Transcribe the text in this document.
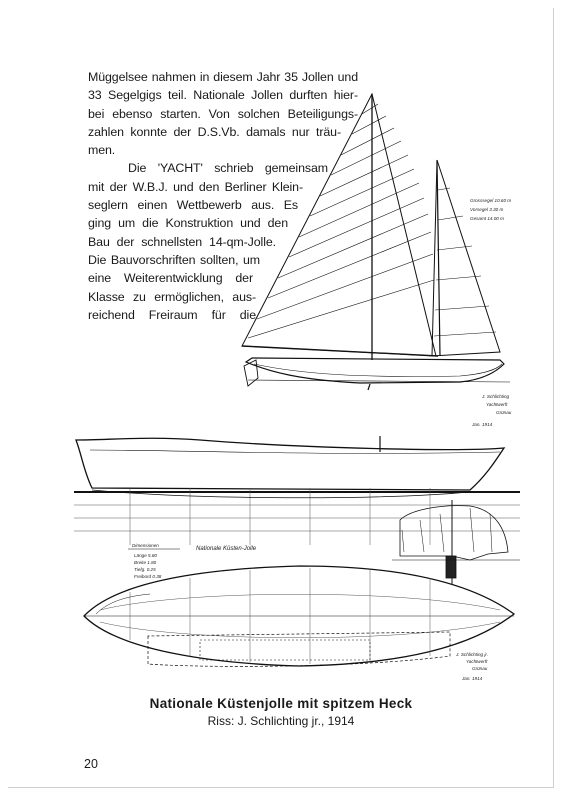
Müggelsee nahmen in diesem Jahr 35 Jollen und
33 Segelgigs teil. Nationale Jollen durften hier-
bei ebenso starten. Von solchen Beteiligungs-
zahlen konnte der D.S.Vb. damals nur träu-
men.
Die 'YACHT' schrieb gemeinsam
mit der W.B.J. und den Berliner Klein-
seglern einen Wettbewerb aus. Es
ging um die Konstruktion und den
Bau der schnellsten 14-qm-Jolle.
Die Bauvorschriften sollten, um
eine Weiterentwicklung der
Klasse zu ermöglichen, aus-
reichend Freiraum für die
Grosssegel 10.60 m
Vorsegel 3.30 m
Gesamt 14.00 m
J. Schlichting
Yachtwerft
Grünau
Jan. 1914
Dimensionen
Länge 5.80
Breite 1.80
Tiefg. 0.25
Freibord 0.38
Nationale Küsten-Jolle
J. Schlichting jr.
Yachtwerft
Grünau
Jan. 1914
Nationale Küstenjolle mit spitzem Heck
Riss: J. Schlichting jr., 1914
20
